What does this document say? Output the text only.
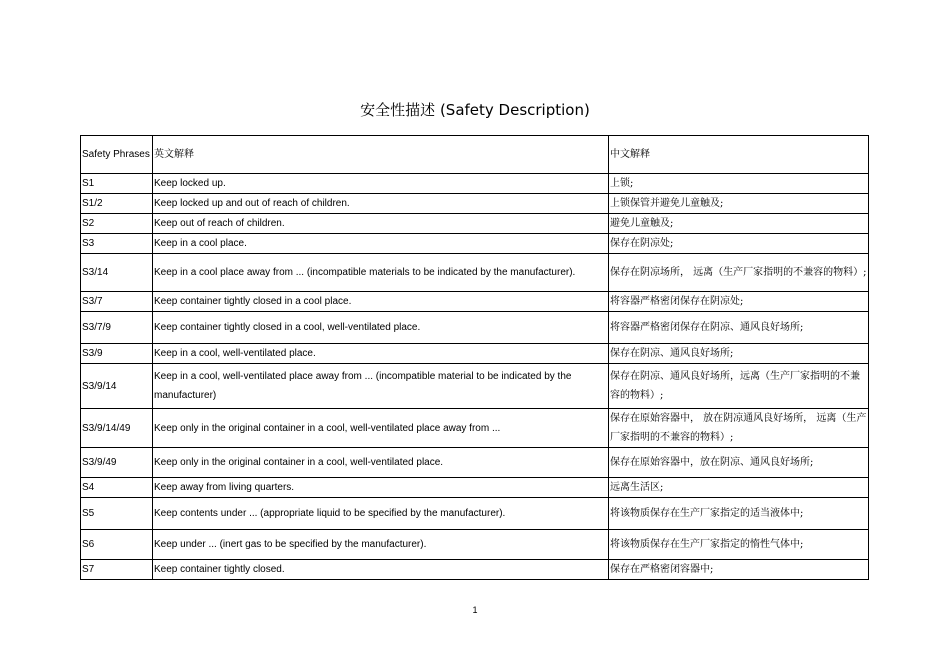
安全性描述 (Safety Description)
Safety Phrases	英文解释	中文解释
S1	Keep locked up.	上锁;
S1/2	Keep locked up and out of reach of children.	上锁保管并避免儿童触及;
S2	Keep out of reach of children.	避免儿童触及;
S3	Keep in a cool place.	保存在阴凉处;
S3/14	Keep in a cool place away from ... (incompatible materials to be indicated by the manufacturer).	保存在阴凉场所， 远离（生产厂家指明的不兼容的物料）;
S3/7	Keep container tightly closed in a cool place.	将容器严格密闭保存在阴凉处;
S3/7/9	Keep container tightly closed in a cool, well-ventilated place.	将容器严格密闭保存在阴凉、通风良好场所;
S3/9	Keep in a cool, well-ventilated place.	保存在阴凉、通风良好场所;
S3/9/14	Keep in a cool, well-ventilated place away from ... (incompatible material to be indicated by the manufacturer)	保存在阴凉、通风良好场所，远离（生产厂家指明的不兼容的物料）;
S3/9/14/49	Keep only in the original container in a cool, well-ventilated place away from ...	保存在原始容器中， 放在阴凉通风良好场所， 远离（生产厂家指明的不兼容的物料）;
S3/9/49	Keep only in the original container in a cool, well-ventilated place.	保存在原始容器中，放在阴凉、通风良好场所;
S4	Keep away from living quarters.	远离生活区;
S5	Keep contents under ... (appropriate liquid to be specified by the manufacturer).	将该物质保存在生产厂家指定的适当液体中;
S6	Keep under ... (inert gas to be specified by the manufacturer).	将该物质保存在生产厂家指定的惰性气体中;
S7	Keep container tightly closed.	保存在严格密闭容器中;
1
